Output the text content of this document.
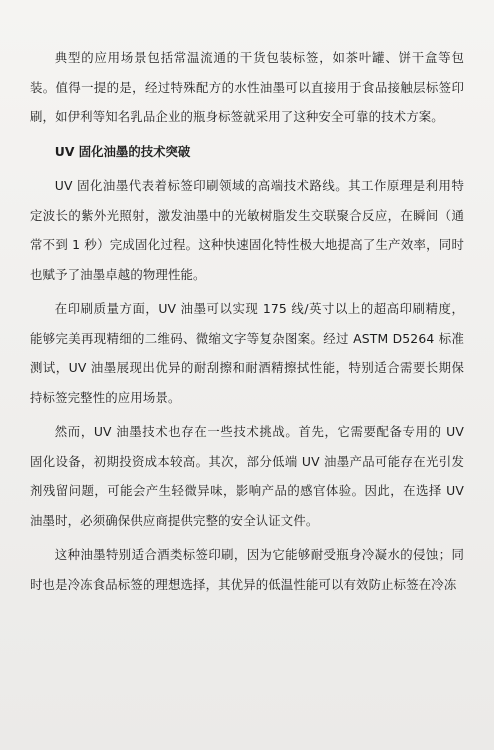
典型的应用场景包括常温流通的干货包装标签，如茶叶罐、饼干盒等包装。值得一提的是，经过特殊配方的水性油墨可以直接用于食品接触层标签印刷，如伊利等知名乳品企业的瓶身标签就采用了这种安全可靠的技术方案。

UV 固化油墨的技术突破

UV 固化油墨代表着标签印刷领域的高端技术路线。其工作原理是利用特定波长的紫外光照射，激发油墨中的光敏树脂发生交联聚合反应，在瞬间（通常不到 1 秒）完成固化过程。这种快速固化特性极大地提高了生产效率，同时也赋予了油墨卓越的物理性能。

在印刷质量方面，UV 油墨可以实现 175 线/英寸以上的超高印刷精度，能够完美再现精细的二维码、微缩文字等复杂图案。经过 ASTM D5264 标准测试，UV 油墨展现出优异的耐刮擦和耐酒精擦拭性能，特别适合需要长期保持标签完整性的应用场景。

然而，UV 油墨技术也存在一些技术挑战。首先，它需要配备专用的 UV 固化设备，初期投资成本较高。其次，部分低端 UV 油墨产品可能存在光引发剂残留问题，可能会产生轻微异味，影响产品的感官体验。因此，在选择 UV 油墨时，必须确保供应商提供完整的安全认证文件。

这种油墨特别适合酒类标签印刷，因为它能够耐受瓶身冷凝水的侵蚀；同时也是冷冻食品标签的理想选择，其优异的低温性能可以有效防止标签在冷冻
